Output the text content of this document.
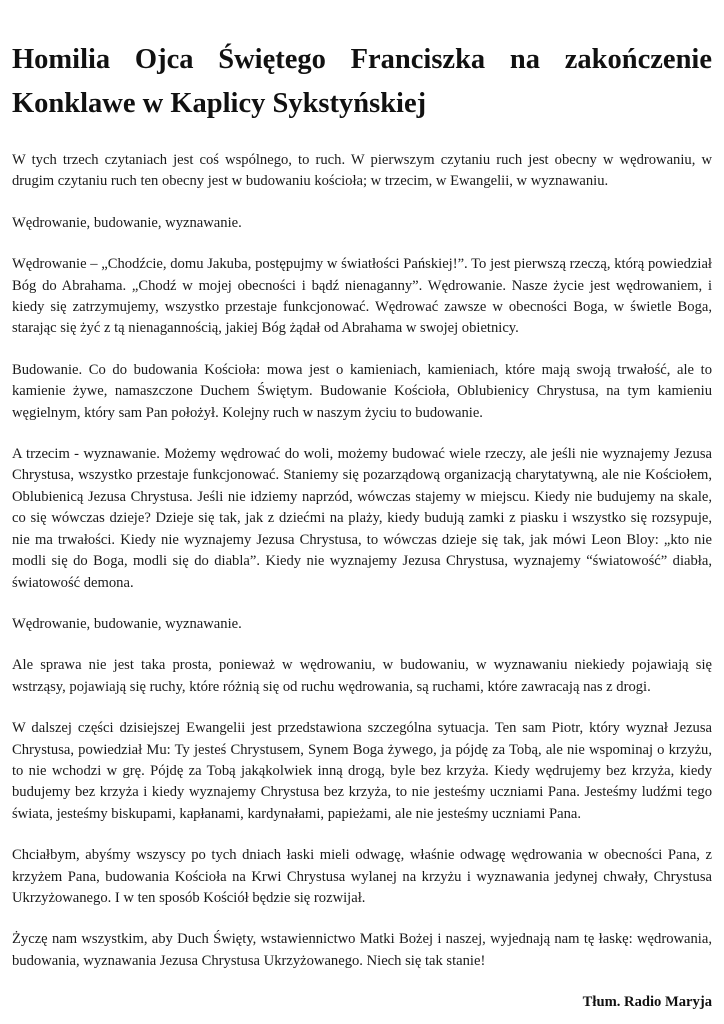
Homilia Ojca Świętego Franciszka na zakończenie Konklawe w Kaplicy Sykstyńskiej

W tych trzech czytaniach jest coś wspólnego, to ruch. W pierwszym czytaniu ruch jest obecny w wędrowaniu, w drugim czytaniu ruch ten obecny jest w budowaniu kościoła; w trzecim, w Ewangelii, w wyznawaniu.

Wędrowanie, budowanie, wyznawanie.

Wędrowanie – „Chodźcie, domu Jakuba, postępujmy w światłości Pańskiej!”. To jest pierwszą rzeczą, którą powiedział Bóg do Abrahama. „Chodź w mojej obecności i bądź nienaganny”. Wędrowanie. Nasze życie jest wędrowaniem, i kiedy się zatrzymujemy, wszystko przestaje funkcjonować. Wędrować zawsze w obecności Boga, w świetle Boga, starając się żyć z tą nienagannością, jakiej Bóg żądał od Abrahama w swojej obietnicy.

Budowanie. Co do budowania Kościoła: mowa jest o kamieniach, kamieniach, które mają swoją trwałość, ale to kamienie żywe, namaszczone Duchem Świętym. Budowanie Kościoła, Oblubienicy Chrystusa, na tym kamieniu węgielnym, który sam Pan położył. Kolejny ruch w naszym życiu to budowanie.

A trzecim - wyznawanie. Możemy wędrować do woli, możemy budować wiele rzeczy, ale jeśli nie wyznajemy Jezusa Chrystusa, wszystko przestaje funkcjonować. Staniemy się pozarządową organizacją charytatywną, ale nie Kościołem, Oblubienicą Jezusa Chrystusa. Jeśli nie idziemy naprzód, wówczas stajemy w miejscu. Kiedy nie budujemy na skale, co się wówczas dzieje? Dzieje się tak, jak z dziećmi na plaży, kiedy budują zamki z piasku i wszystko się rozsypuje, nie ma trwałości. Kiedy nie wyznajemy Jezusa Chrystusa, to wówczas dzieje się tak, jak mówi Leon Bloy: „kto nie modli się do Boga, modli się do diabla”. Kiedy nie wyznajemy Jezusa Chrystusa, wyznajemy “światowość” diabła, światowość demona.

Wędrowanie, budowanie, wyznawanie.

Ale sprawa nie jest taka prosta, ponieważ w wędrowaniu, w budowaniu, w wyznawaniu niekiedy pojawiają się wstrząsy, pojawiają się ruchy, które różnią się od ruchu wędrowania, są ruchami, które zawracają nas z drogi.

W dalszej części dzisiejszej Ewangelii jest przedstawiona szczególna sytuacja. Ten sam Piotr, który wyznał Jezusa Chrystusa, powiedział Mu: Ty jesteś Chrystusem, Synem Boga żywego, ja pójdę za Tobą, ale nie wspominaj o krzyżu, to nie wchodzi w grę. Pójdę za Tobą jakąkolwiek inną drogą, byle bez krzyża. Kiedy wędrujemy bez krzyża, kiedy budujemy bez krzyża i kiedy wyznajemy Chrystusa bez krzyża, to nie jesteśmy uczniami Pana. Jesteśmy ludźmi tego świata, jesteśmy biskupami, kapłanami, kardynałami, papieżami, ale nie jesteśmy uczniami Pana.

Chciałbym, abyśmy wszyscy po tych dniach łaski mieli odwagę, właśnie odwagę wędrowania w obecności Pana, z krzyżem Pana, budowania Kościoła na Krwi Chrystusa wylanej na krzyżu i wyznawania jedynej chwały, Chrystusa Ukrzyżowanego. I w ten sposób Kościół będzie się rozwijał.

Życzę nam wszystkim, aby Duch Święty, wstawiennictwo Matki Bożej i naszej, wyjednają nam tę łaskę: wędrowania, budowania, wyznawania Jezusa Chrystusa Ukrzyżowanego. Niech się tak stanie!

Tłum. Radio Maryja
